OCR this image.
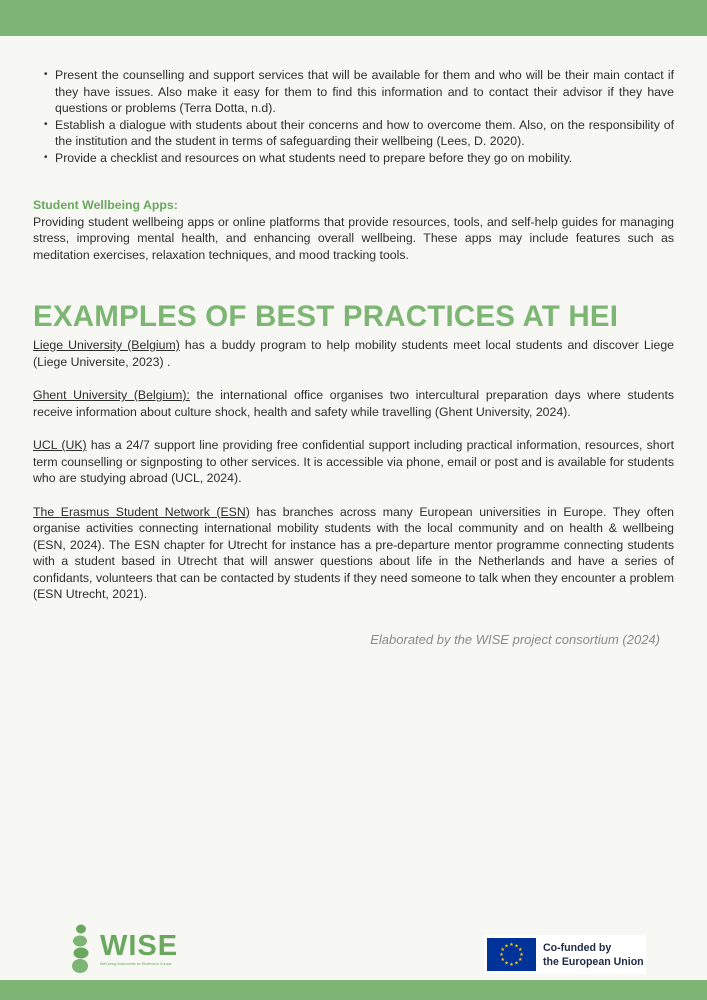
• Present the counselling and support services that will be available for them and who will be their main contact if they have issues. Also make it easy for them to find this information and to contact their advisor if they have questions or problems (Terra Dotta, n.d).
• Establish a dialogue with students about their concerns and how to overcome them. Also, on the responsibility of the institution and the student in terms of safeguarding their wellbeing (Lees, D. 2020).
• Provide a checklist and resources on what students need to prepare before they go on mobility.
Student Wellbeing Apps:

Providing student wellbeing apps or online platforms that provide resources, tools, and self-help guides for managing stress, improving mental health, and enhancing overall wellbeing. These apps may include features such as meditation exercises, relaxation techniques, and mood tracking tools.

EXAMPLES OF BEST PRACTICES AT HEI

Liege University (Belgium) has a buddy program to help mobility students meet local students and discover Liege (Liege Universite, 2023) .

Ghent University (Belgium): the international office organises two intercultural preparation days where students receive information about culture shock, health and safety while travelling (Ghent University, 2024).

UCL (UK) has a 24/7 support line providing free confidential support including practical information, resources, short term counselling or signposting to other services. It is accessible via phone, email or post and is available for students who are studying abroad (UCL, 2024).

The Erasmus Student Network (ESN) has branches across many European universities in Europe. They often organise activities connecting international mobility students with the local community and on health & wellbeing (ESN, 2024). The ESN chapter for Utrecht for instance has a pre-departure mentor programme connecting students with a student based in Utrecht that will answer questions about life in the Netherlands and have a series of confidants, volunteers that can be contacted by students if they need someone to talk when they encounter a problem (ESN Utrecht, 2021).

Elaborated by the WISE project consortium (2024)
WISE
Well-being Instruments for Students in Europe
★ ★
★
★
★
★
★
★
★
★
★
★	Co-funded by
the European Union
